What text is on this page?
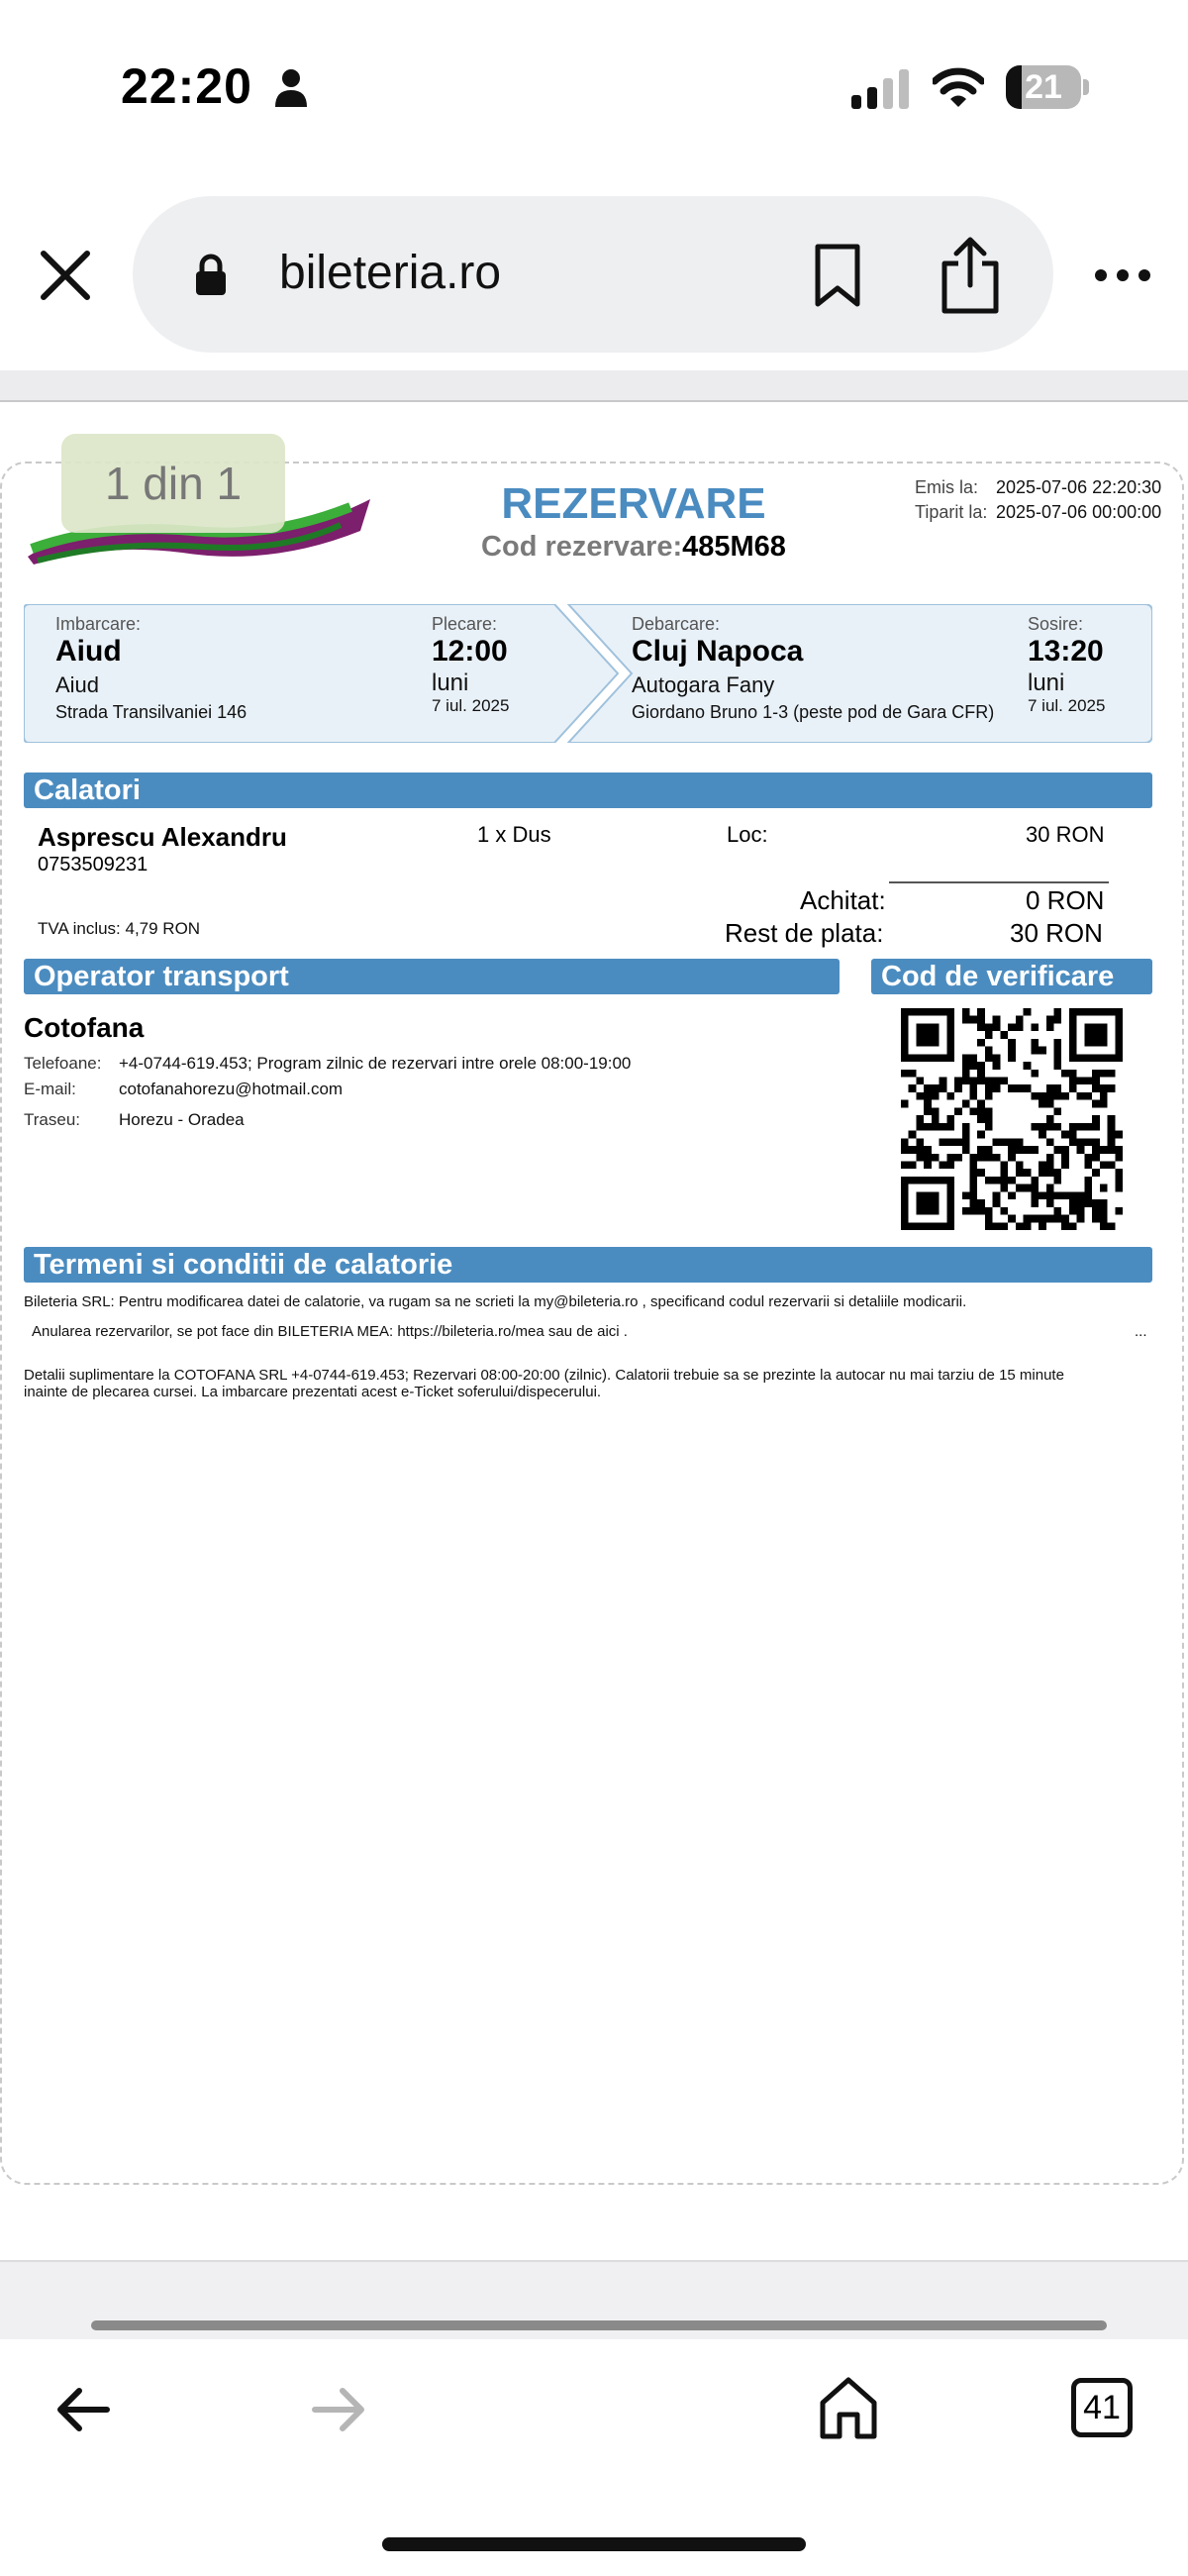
22:20	21
bileteria.ro
1 din 1	REZERVARE
Cod rezervare:485M68
Emis la: 2025-07-06 22:20:30
Tiparit la: 2025-07-06 00:00:00
Imbarcare:
Aiud
Aiud
Strada Transilvaniei 146
Plecare:
12:00
luni
7 iul. 2025
Debarcare:
Cluj Napoca
Autogara Fany
Giordano Bruno 1-3 (peste pod de Gara CFR)
Sosire:
13:20
luni
7 iul. 2025
Calatori
Asprescu Alexandru
0753509231
1 x Dus	Loc:	30 RON
Achitat:	0 RON
TVA inclus: 4,79 RON	Rest de plata:	30 RON
Operator transport	Cod de verificare
Cotofana
Telefoane: +4-0744-619.453; Program zilnic de rezervari intre orele 08:00-19:00
E-mail:	cotofanahorezu@hotmail.com
Traseu: Horezu - Oradea
Termeni si conditii de calatorie
Bileteria SRL: Pentru modificarea datei de calatorie, va rugam sa ne scrieti la my@bileteria.ro , specificand codul rezervarii si detaliile modicarii.
Anularea rezervarilor, se pot face din BILETERIA MEA: https://bileteria.ro/mea sau de aici .	...
Detalii suplimentare la COTOFANA SRL +4-0744-619.453; Rezervari 08:00-20:00 (zilnic). Calatorii trebuie sa se prezinte la autocar nu mai tarziu de 15 minute
inainte de plecarea cursei. La imbarcare prezentati acest e-Ticket soferului/dispecerului.
41
